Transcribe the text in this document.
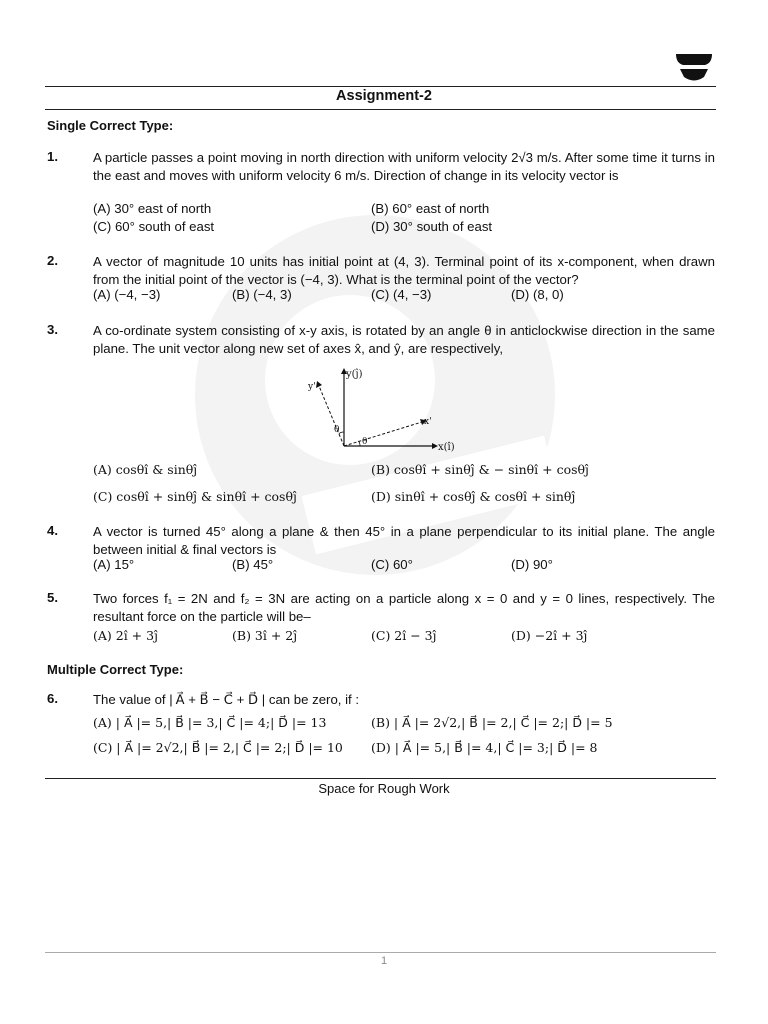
Assignment-2
Single Correct Type:
1.	A particle passes a point moving in north direction with uniform velocity 2√3 m/s. After some time it turns in the east and moves with uniform velocity 6 m/s. Direction of change in its velocity vector is
(A) 30° east of north	(B) 60° east of north
(C) 60° south of east	(D) 30° south of east
2.	A vector of magnitude 10 units has initial point at (4, 3). Terminal point of its x-component, when drawn from the initial point of the vector is (−4, 3). What is the terminal point of the vector?
(A) (−4, −3)	(B) (−4, 3)	(C) (4, −3)	(D) (8, 0)
3.	A co-ordinate system consisting of x-y axis, is rotated by an angle θ in anticlockwise direction in the same plane. The unit vector along new set of axes x̂, and ŷ, are respectively,
y(ĵ)
x(î)
x'
y'
θ
θ
(A) cosθî & sinθĵ	(B) cosθî + sinθĵ & − sinθî + cosθĵ
(C) cosθî + sinθĵ & sinθî + cosθĵ	(D) sinθî + cosθĵ & cosθî + sinθĵ
4.	A vector is turned 45° along a plane & then 45° in a plane perpendicular to its initial plane. The angle between initial & final vectors is
(A) 15°	(B) 45°	(C) 60°	(D) 90°
5.	Two forces f₁ = 2N and f₂ = 3N are acting on a particle along x = 0 and y = 0 lines, respectively. The resultant force on the particle will be–
(A) 2î + 3ĵ	(B) 3î + 2ĵ	(C) 2î − 3ĵ	(D) −2î + 3ĵ
Multiple Correct Type:
6.	The value of | A⃗ + B⃗ − C⃗ + D⃗ | can be zero, if :
(A) | A⃗ |= 5,| B⃗ |= 3,| C⃗ |= 4;| D⃗ |= 13	(B) | A⃗ |= 2√2,| B⃗ |= 2,| C⃗ |= 2;| D⃗ |= 5
(C) | A⃗ |= 2√2,| B⃗ |= 2,| C⃗ |= 2;| D⃗ |= 10 (D) | A⃗ |= 5,| B⃗ |= 4,| C⃗ |= 3;| D⃗ |= 8
Space for Rough Work
1
